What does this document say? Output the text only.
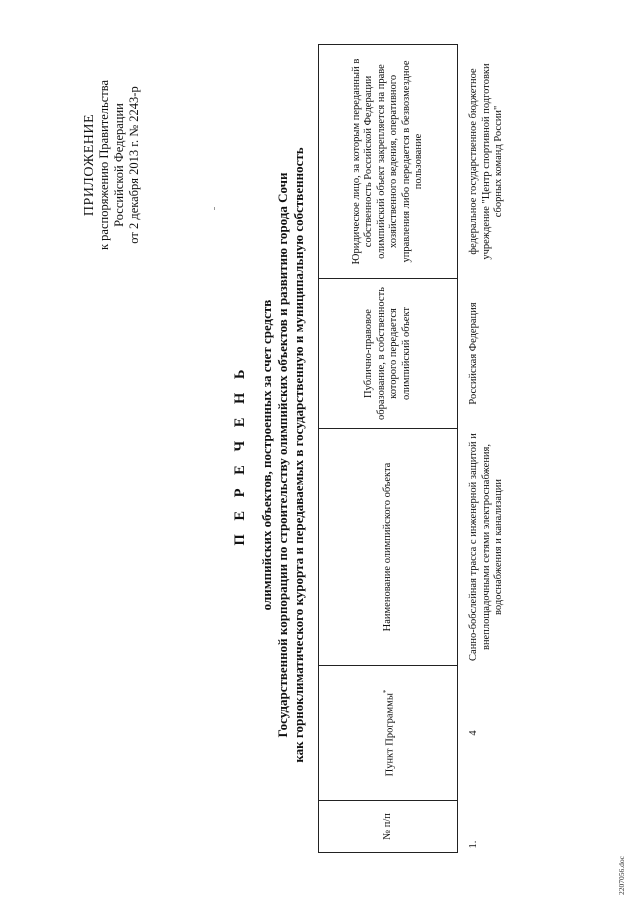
ПРИЛОЖЕНИЕ к распоряжению Правительства Российской Федерации от 2 декабря 2013 г. № 2243-р
П Е Р Е Ч Е Н Ь олимпийских объектов, построенных за счет средств Государственной корпорации по строительству олимпийских объектов и развитию города Сочи как горноклиматического курорта и передаваемых в государственную и муниципальную собственность
№ п/п	Пункт Программы*	Наименование олимпийского объекта	Публично-правовое образование, в собственность которого передается олимпийский объект	Юридическое лицо, за которым переданный в собственность Российской Федерации олимпийский объект закрепляется на праве хозяйственного ведения, оперативного управления либо передается в безвозмездное пользование
1.	4	Санно-бобслейная трасса с инженерной защитой и внеплощадочными сетями электроснабжения, водоснабжения и канализации	Российская Федерация	федеральное государственное бюджетное учреждение "Центр спортивной подготовки сборных команд России"
2207056.doc
